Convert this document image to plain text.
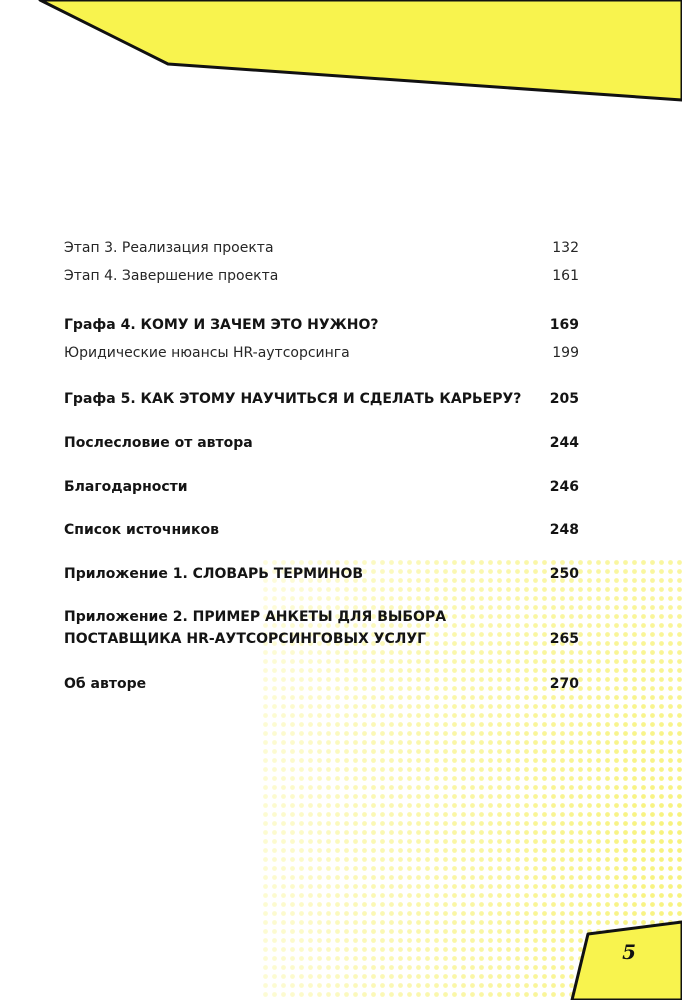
Этап 3. Реализация проекта	132
Этап 4. Завершение проекта	161
Графа 4. КОМУ И ЗАЧЕМ ЭТО НУЖНО?	169
Юридические нюансы HR-аутсорсинга	199
Графа 5. КАК ЭТОМУ НАУЧИТЬСЯ И СДЕЛАТЬ КАРЬЕРУ? 205
Послесловие от автора	244
Благодарности	246
Список источников	248
Приложение 1. СЛОВАРЬ ТЕРМИНОВ	250
Приложение 2. ПРИМЕР АНКЕТЫ ДЛЯ ВЫБОРА
ПОСТАВЩИКА HR-АУТСОРСИНГОВЫХ УСЛУГ	265
Об авторе	270
5
